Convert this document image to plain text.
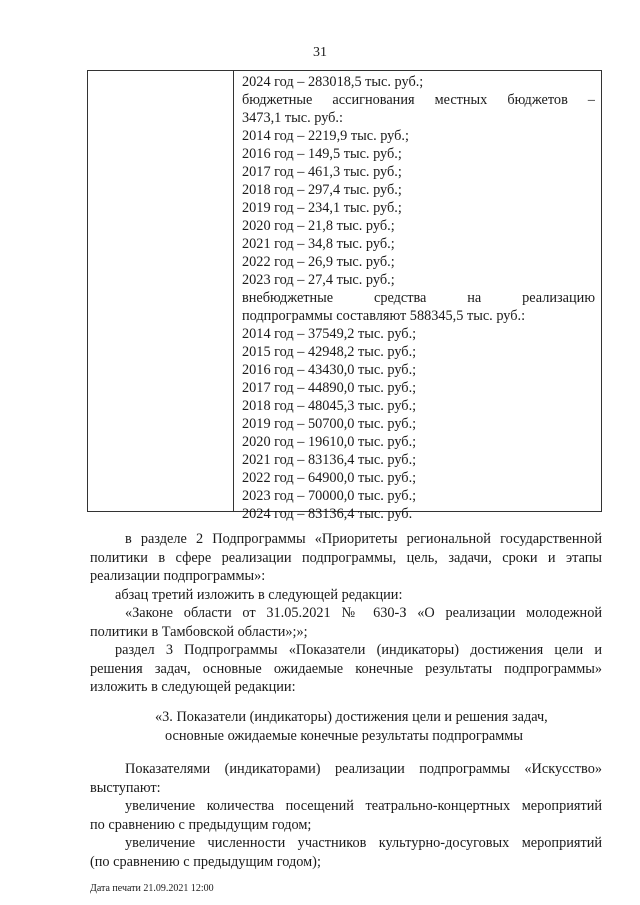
31
2024 год – 283018,5 тыс. руб.;
бюджетные ассигнования местных бюджетов –
3473,1 тыс. руб.:
2014 год – 2219,9 тыс. руб.;
2016 год – 149,5 тыс. руб.;
2017 год – 461,3 тыс. руб.;
2018 год – 297,4 тыс. руб.;
2019 год – 234,1 тыс. руб.;
2020 год – 21,8 тыс. руб.;
2021 год – 34,8 тыс. руб.;
2022 год – 26,9 тыс. руб.;
2023 год – 27,4 тыс. руб.;
внебюджетные средства на реализацию
подпрограммы составляют 588345,5 тыс. руб.:
2014 год – 37549,2 тыс. руб.;
2015 год – 42948,2 тыс. руб.;
2016 год – 43430,0 тыс. руб.;
2017 год – 44890,0 тыс. руб.;
2018 год – 48045,3 тыс. руб.;
2019 год – 50700,0 тыс. руб.;
2020 год – 19610,0 тыс. руб.;
2021 год – 83136,4 тыс. руб.;
2022 год – 64900,0 тыс. руб.;
2023 год – 70000,0 тыс. руб.;
2024 год – 83136,4 тыс. руб.
в разделе 2 Подпрограммы «Приоритеты региональной государственной
политики в сфере реализации подпрограммы, цель, задачи, сроки и этапы
реализации подпрограммы»:
абзац третий изложить в следующей редакции:
«Законе области от 31.05.2021 № 630-З «О реализации молодежной
политики в Тамбовской области»;»;
раздел 3 Подпрограммы «Показатели (индикаторы) достижения цели и
решения задач, основные ожидаемые конечные результаты подпрограммы»
изложить в следующей редакции:
«3. Показатели (индикаторы) достижения цели и решения задач,
основные ожидаемые конечные результаты подпрограммы
Показателями (индикаторами) реализации подпрограммы «Искусство»
выступают:
увеличение количества посещений театрально-концертных мероприятий
по сравнению с предыдущим годом;
увеличение численности участников культурно-досуговых мероприятий
(по сравнению с предыдущим годом);
Дата печати 21.09.2021 12:00
